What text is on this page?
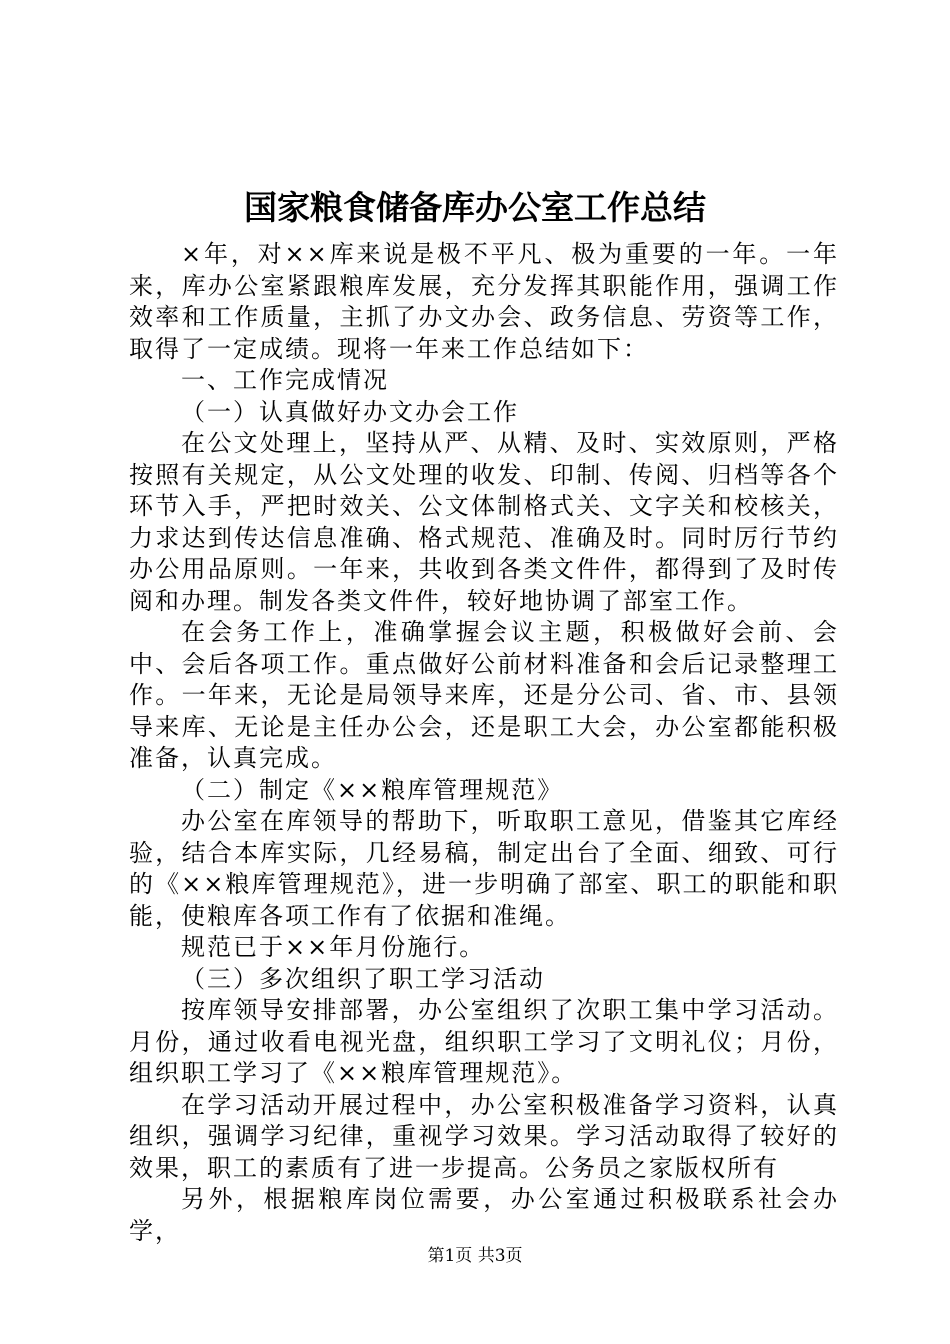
国家粮食储备库办公室工作总结

×年，对××库来说是极不平凡、极为重要的一年。一年来，库办公室紧跟粮库发展，充分发挥其职能作用，强调工作效率和工作质量，主抓了办文办会、政务信息、劳资等工作，取得了一定成绩。现将一年来工作总结如下：

一、工作完成情况

（一）认真做好办文办会工作

在公文处理上，坚持从严、从精、及时、实效原则，严格按照有关规定，从公文处理的收发、印制、传阅、归档等各个环节入手，严把时效关、公文体制格式关、文字关和校核关，力求达到传达信息准确、格式规范、准确及时。同时厉行节约办公用品原则。一年来，共收到各类文件件，都得到了及时传阅和办理。制发各类文件件，较好地协调了部室工作。

在会务工作上，准确掌握会议主题，积极做好会前、会中、会后各项工作。重点做好公前材料准备和会后记录整理工作。一年来，无论是局领导来库，还是分公司、省、市、县领导来库、无论是主任办公会，还是职工大会，办公室都能积极准备，认真完成。

（二）制定《××粮库管理规范》

办公室在库领导的帮助下，听取职工意见，借鉴其它库经验，结合本库实际，几经易稿，制定出台了全面、细致、可行的《××粮库管理规范》，进一步明确了部室、职工的职能和职能，使粮库各项工作有了依据和准绳。

规范已于××年月份施行。

（三）多次组织了职工学习活动

按库领导安排部署，办公室组织了次职工集中学习活动。月份，通过收看电视光盘，组织职工学习了文明礼仪；月份，组织职工学习了《××粮库管理规范》。

在学习活动开展过程中，办公室积极准备学习资料，认真组织，强调学习纪律，重视学习效果。学习活动取得了较好的效果，职工的素质有了进一步提高。公务员之家版权所有

另外，根据粮库岗位需要，办公室通过积极联系社会办学，

第1页 共3页
